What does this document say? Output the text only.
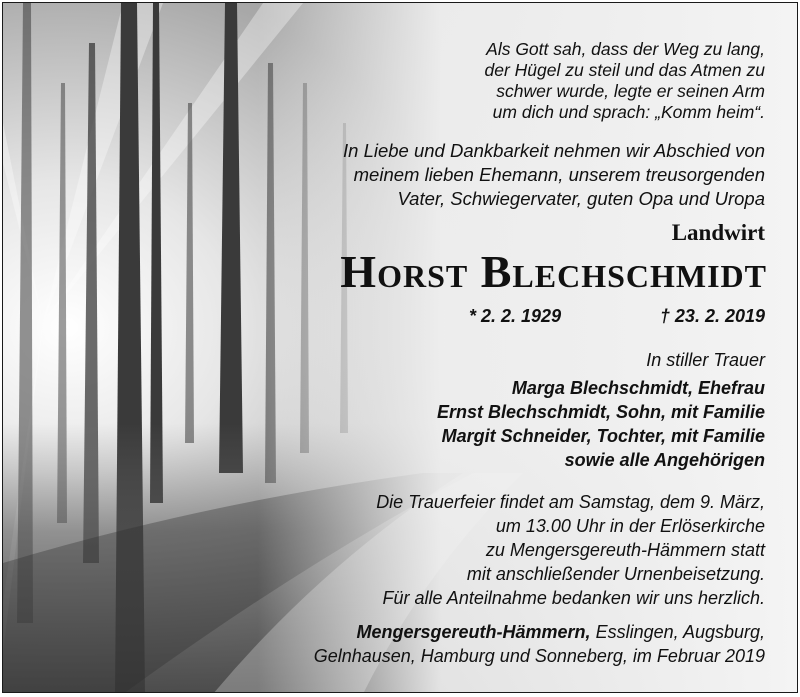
Als Gott sah, dass der Weg zu lang,
der Hügel zu steil und das Atmen zu
schwer wurde, legte er seinen Arm
um dich und sprach: „Komm heim“.

In Liebe und Dankbarkeit nehmen wir Abschied von
meinem lieben Ehemann, unserem treusorgenden
Vater, Schwiegervater, guten Opa und Uropa

Landwirt

Horst Blechschmidt

* 2. 2. 1929	† 23. 2. 2019

In stiller Trauer

Marga Blechschmidt, Ehefrau
Ernst Blechschmidt, Sohn, mit Familie
Margit Schneider, Tochter, mit Familie
sowie alle Angehörigen

Die Trauerfeier findet am Samstag, dem 9. März,
um 13.00 Uhr in der Erlöserkirche
zu Mengersgereuth-Hämmern statt
mit anschließender Urnenbeisetzung.
Für alle Anteilnahme bedanken wir uns herzlich.

Mengersgereuth-Hämmern, Esslingen, Augsburg,
Gelnhausen, Hamburg und Sonneberg, im Februar 2019
